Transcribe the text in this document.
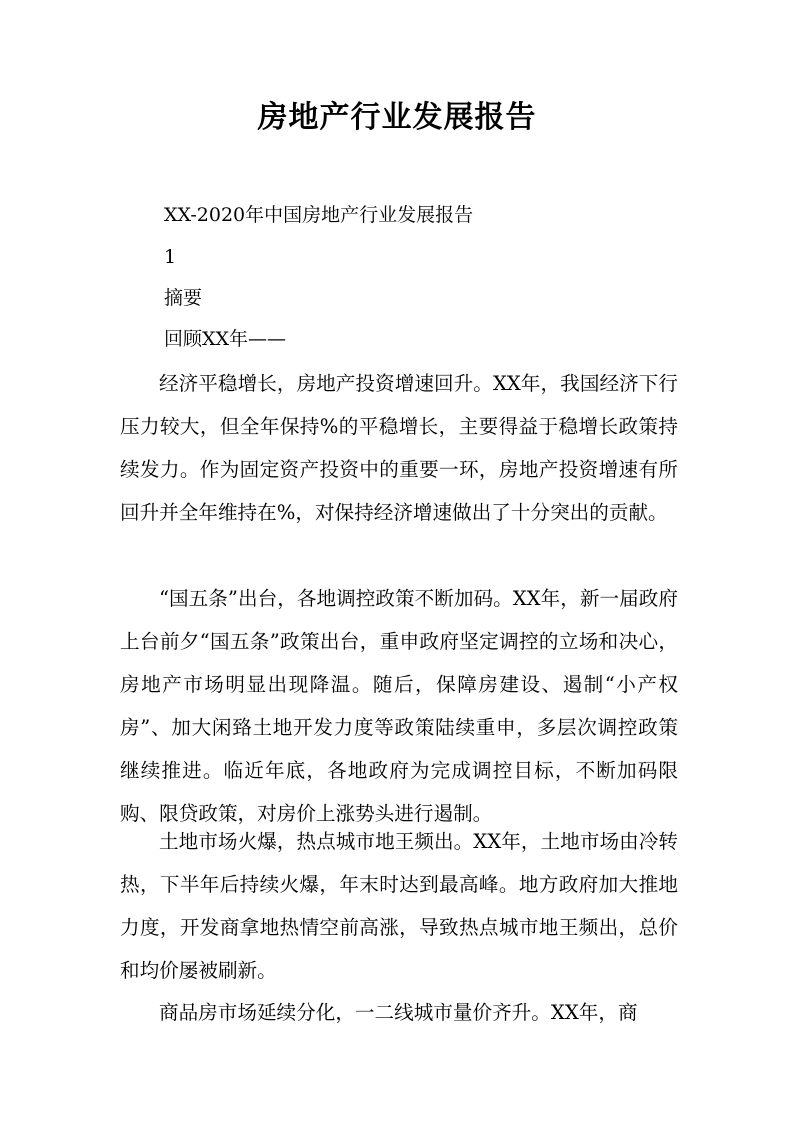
房地产行业发展报告

XX-2020年中国房地产行业发展报告

1

摘要

回顾XX年——

经济平稳增长，房地产投资增速回升。XX年，我国经济下行压力较大，但全年保持%的平稳增长，主要得益于稳增长政策持续发力。作为固定资产投资中的重要一环，房地产投资增速有所回升并全年维持在%，对保持经济增速做出了十分突出的贡献。

“国五条”出台，各地调控政策不断加码。XX年，新一届政府上台前夕“国五条”政策出台，重申政府坚定调控的立场和决心，房地产市场明显出现降温。随后，保障房建设、遏制“小产权房”、加大闲臵土地开发力度等政策陆续重申，多层次调控政策继续推进。临近年底，各地政府为完成调控目标，不断加码限购、限贷政策，对房价上涨势头进行遏制。

土地市场火爆，热点城市地王频出。XX年，土地市场由冷转热，下半年后持续火爆，年末时达到最高峰。地方政府加大推地力度，开发商拿地热情空前高涨，导致热点城市地王频出，总价和均价屡被刷新。

商品房市场延续分化，一二线城市量价齐升。XX年，商
